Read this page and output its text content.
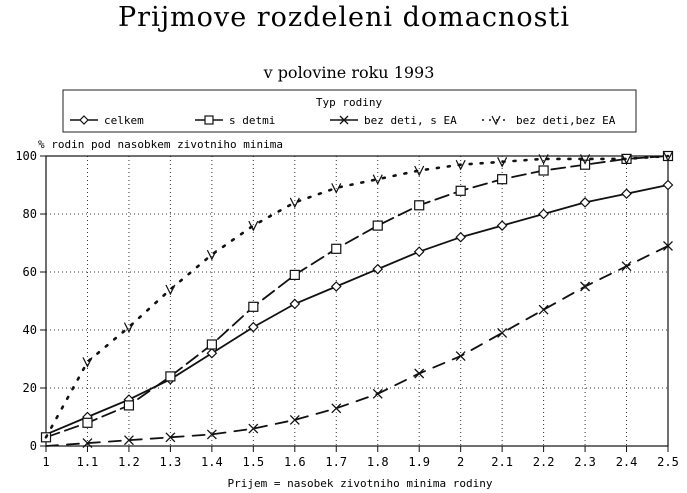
Prijmove rozdeleni domacnosti
v polovine roku 1993
Typ rodiny
celkem	s detmi	bez deti, s EA	bez deti,bez EA
% rodin pod nasobkem zivotniho minima
Prijem = nasobek zivotniho minima rodiny
1 1.1 1.2 1.3 1.4 1.5 1.6 1.7 1.8 1.9 2 2.1 2.2 2.3 2.4 2.5
0
20
40
60
80
100
